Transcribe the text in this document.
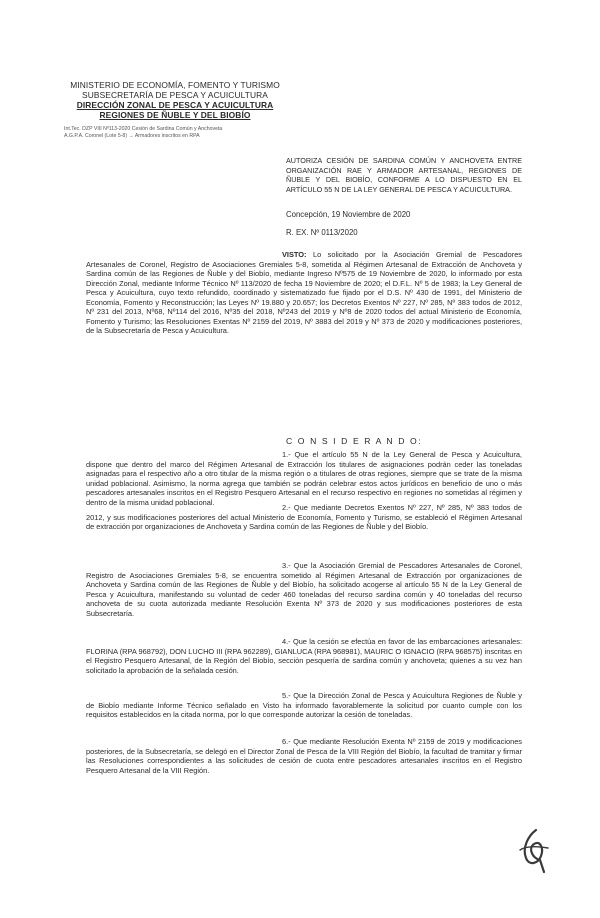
MINISTERIO DE ECONOMÍA, FOMENTO Y TURISMO
SUBSECRETARÍA DE PESCA Y ACUICULTURA
DIRECCIÓN ZONAL DE PESCA Y ACUICULTURA
REGIONES DE ÑUBLE Y DEL BIOBÍO
Int.Tec. DZP VIII Nº113-2020 Cesión de Sardina Común y Anchoveta
A.G.P.A. Coronel (Lote 5-8) → Armadores inscritos en RPA
AUTORIZA CESIÓN DE SARDINA COMÚN Y ANCHOVETA ENTRE ORGANIZACIÓN RAE Y ARMADOR ARTESANAL, REGIONES DE ÑUBLE Y DEL BIOBÍO, CONFORME A LO DISPUESTO EN EL ARTÍCULO 55 N DE LA LEY GENERAL DE PESCA Y ACUICULTURA.
Concepción, 19 Noviembre de 2020
R. EX. Nº 0113/2020
VISTO: Lo solicitado por la Asociación Gremial de Pescadores Artesanales de Coronel, Registro de Asociaciones Gremiales 5-8, sometida al Régimen Artesanal de Extracción de Anchoveta y Sardina común de las Regiones de Ñuble y del Biobío, mediante Ingreso Nº575 de 19 Noviembre de 2020, lo informado por esta Dirección Zonal, mediante Informe Técnico Nº 113/2020 de fecha 19 Noviembre de 2020; el D.F.L. Nº 5 de 1983; la Ley General de Pesca y Acuicultura, cuyo texto refundido, coordinado y sistematizado fue fijado por el D.S. Nº 430 de 1991, del Ministerio de Economía, Fomento y Reconstrucción; las Leyes Nº 19.880 y 20.657; los Decretos Exentos Nº 227, Nº 285, Nº 383 todos de 2012, Nº 231 del 2013, Nº68, Nº114 del 2016, Nº35 del 2018, Nº243 del 2019 y Nº8 de 2020 todos del actual Ministerio de Economía, Fomento y Turismo; las Resoluciones Exentas Nº 2159 del 2019, Nº 3883 del 2019 y Nº 373 de 2020 y modificaciones posteriores, de la Subsecretaría de Pesca y Acuicultura.
C O N S I D E R A N D O:
1.- Que el artículo 55 N de la Ley General de Pesca y Acuicultura, dispone que dentro del marco del Régimen Artesanal de Extracción los titulares de asignaciones podrán ceder las toneladas asignadas para el respectivo año a otro titular de la misma región o a titulares de otras regiones, siempre que se trate de la misma unidad poblacional. Asimismo, la norma agrega que también se podrán celebrar estos actos jurídicos en beneficio de uno o más pescadores artesanales inscritos en el Registro Pesquero Artesanal en el recurso respectivo en regiones no sometidas al régimen y dentro de la misma unidad poblacional.
2.- Que mediante Decretos Exentos Nº 227, Nº 285, Nº 383 todos de 2012, y sus modificaciones posteriores del actual Ministerio de Economía, Fomento y Turismo, se estableció el Régimen Artesanal de extracción por organizaciones de Anchoveta y Sardina común de las Regiones de Ñuble y del Biobío.
3.- Que la Asociación Gremial de Pescadores Artesanales de Coronel, Registro de Asociaciones Gremiales 5-8, se encuentra sometido al Régimen Artesanal de Extracción por organizaciones de Anchoveta y Sardina común de las Regiones de Ñuble y del Biobío, ha solicitado acogerse al artículo 55 N de la Ley General de Pesca y Acuicultura, manifestando su voluntad de ceder 460 toneladas del recurso sardina común y 40 toneladas del recurso anchoveta de su cuota autorizada mediante Resolución Exenta Nº 373 de 2020 y sus modificaciones posteriores de esta Subsecretaría.
4.- Que la cesión se efectúa en favor de las embarcaciones artesanales: FLORINA (RPA 968792), DON LUCHO III (RPA 962289), GIANLUCA (RPA 968981), MAURIC O IGNACIO (RPA 968575) inscritas en el Registro Pesquero Artesanal, de la Región del Biobío, sección pesquería de sardina común y anchoveta; quienes a su vez han solicitado la aprobación de la señalada cesión.
5.- Que la Dirección Zonal de Pesca y Acuicultura Regiones de Ñuble y de Biobío mediante Informe Técnico señalado en Visto ha informado favorablemente la solicitud por cuanto cumple con los requisitos establecidos en la citada norma, por lo que corresponde autorizar la cesión de toneladas.
6.- Que mediante Resolución Exenta Nº 2159 de 2019 y modificaciones posteriores, de la Subsecretaría, se delegó en el Director Zonal de Pesca de la VIII Región del Biobío, la facultad de tramitar y firmar las Resoluciones correspondientes a las solicitudes de cesión de cuota entre pescadores artesanales inscritos en el Registro Pesquero Artesanal de la VIII Región.
